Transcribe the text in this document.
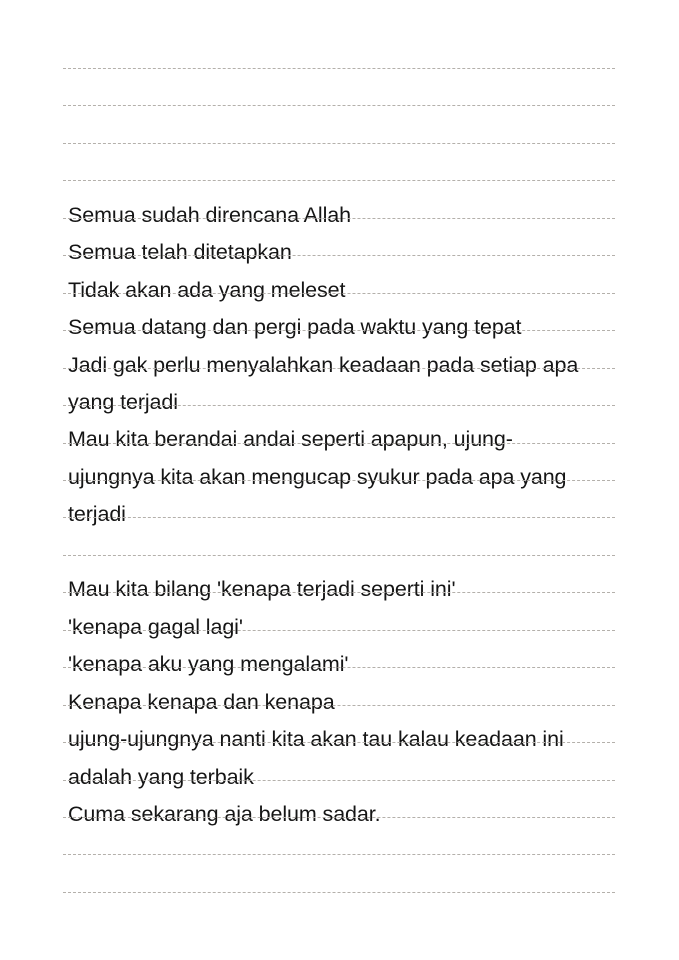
Semua sudah direncana Allah
Semua telah ditetapkan
Tidak akan ada yang meleset
Semua datang dan pergi pada waktu yang tepat
Jadi gak perlu menyalahkan keadaan pada setiap apa
yang terjadi
Mau kita berandai andai seperti apapun, ujung-
ujungnya kita akan mengucap syukur pada apa yang
terjadi
Mau kita bilang 'kenapa terjadi seperti ini'
'kenapa gagal lagi'
'kenapa aku yang mengalami'
Kenapa kenapa dan kenapa
ujung-ujungnya nanti kita akan tau kalau keadaan ini
adalah yang terbaik
Cuma sekarang aja belum sadar.
